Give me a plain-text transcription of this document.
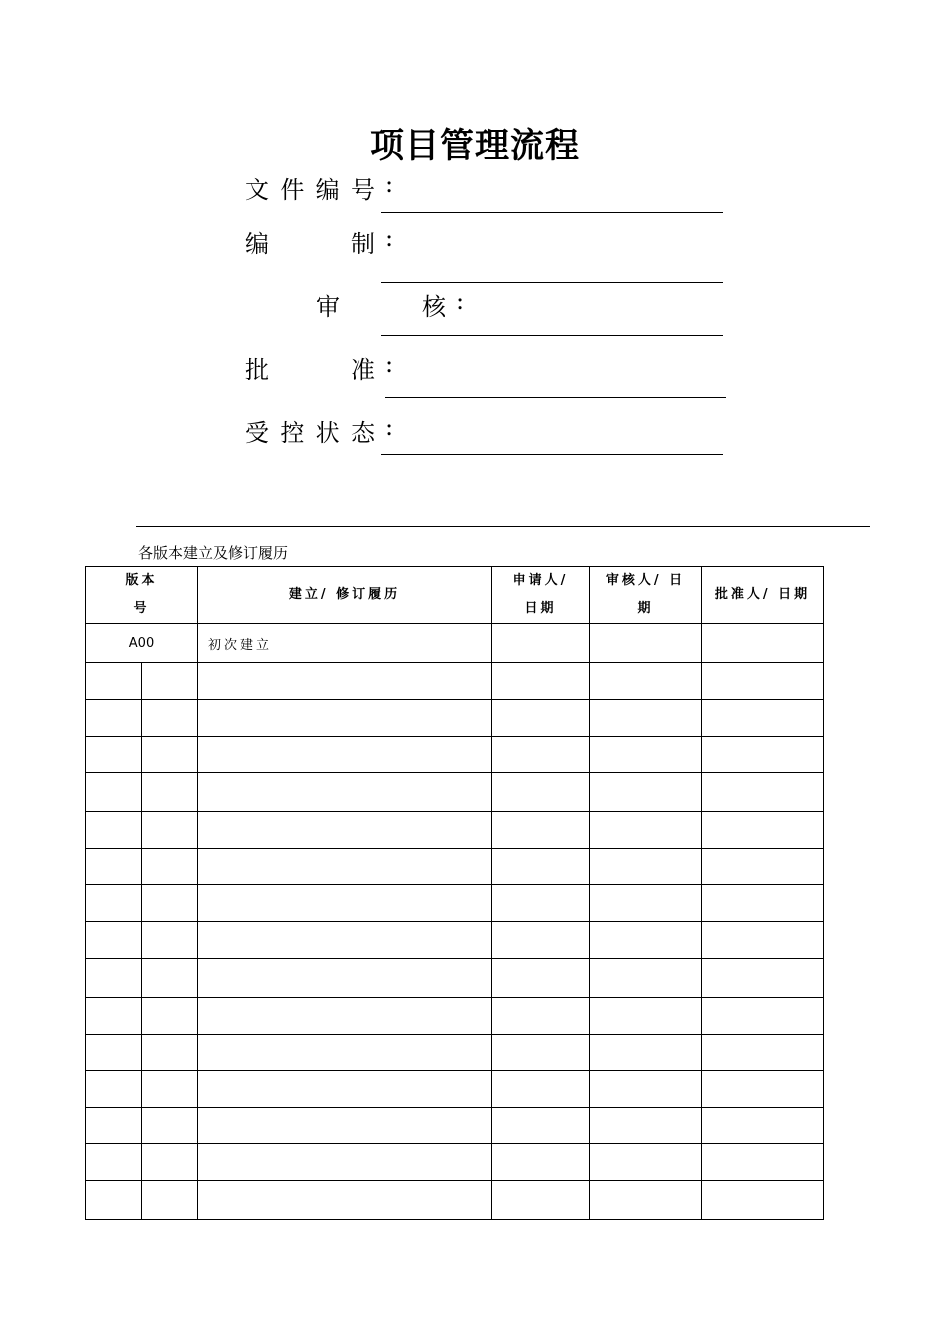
项目管理流程
文 件 编 号 :
编	制 :
审	核 :
批	准 :
受 控 状 态 :
各版本建立及修订履历
版本号		建立/ 修订履历	申请人/ 日期	审核人/ 日期	批准人/ 日期
A00		初次建立			
